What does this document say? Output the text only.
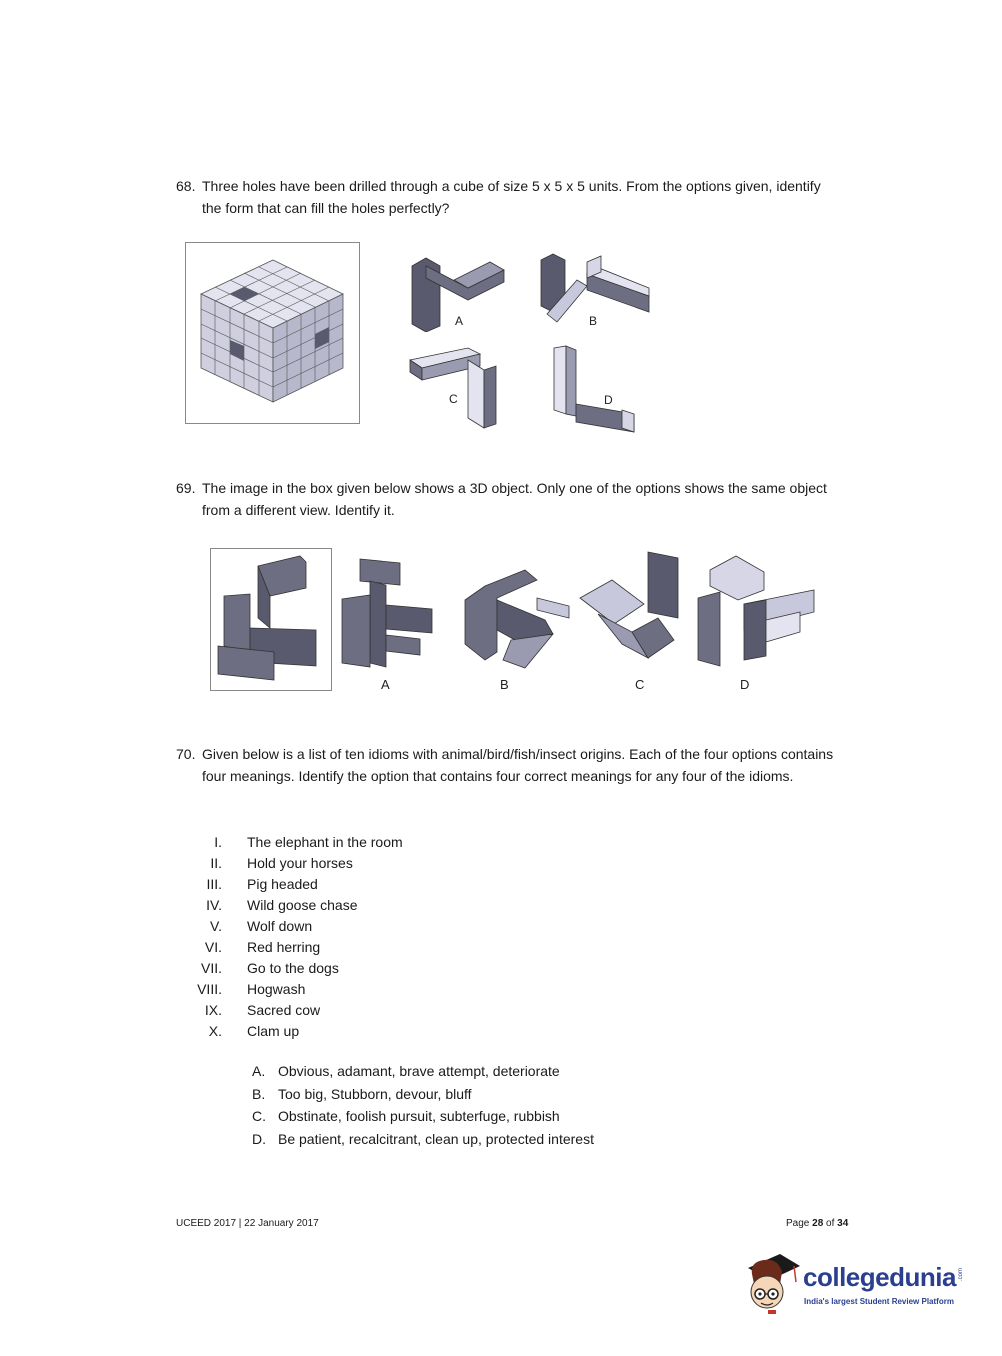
68. Three holes have been drilled through a cube of size 5 x 5 x 5 units. From the options given, identify the form that can fill the holes perfectly?
A	B
C	D
69. The image in the box given below shows a 3D object. Only one of the options shows the same object from a different view. Identify it.
A	B	C	D
70. Given below is a list of ten idioms with animal/bird/fish/insect origins. Each of the four options contains four meanings. Identify the option that contains four correct meanings for any four of the idioms.
I. The elephant in the room
II. Hold your horses
III. Pig headed
IV. Wild goose chase
V. Wolf down
VI. Red herring
VII. Go to the dogs
VIII. Hogwash
IX. Sacred cow
X. Clam up
A. Obvious, adamant, brave attempt, deteriorate
B. Too big, Stubborn, devour, bluff
C. Obstinate, foolish pursuit, subterfuge, rubbish
D. Be patient, recalcitrant, clean up, protected interest
UCEED 2017 | 22 January 2017	Page 28 of 34
collegedunia .com
India's largest Student Review Platform
